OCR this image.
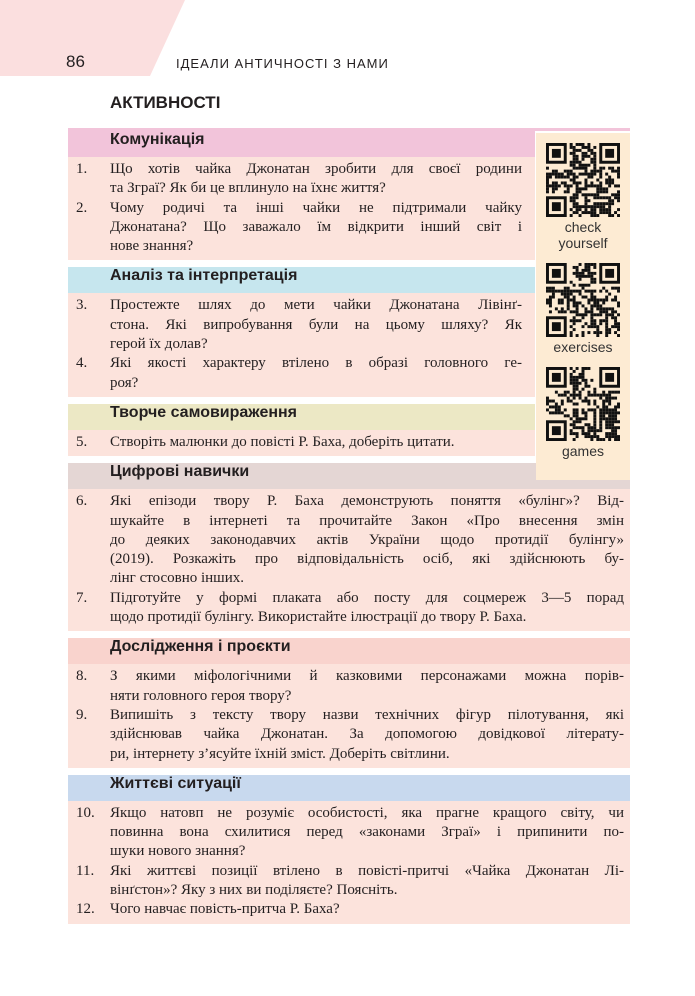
86	ІДЕАЛИ АНТИЧНОСТІ З НАМИ
АКТИВНОСТІ
Комунікація
1.	Що хотів чайка Джонатан зробити для своєї родини
та Зграї? Як би це вплинуло на їхнє життя?
2.	Чому родичі та інші чайки не підтримали чайку
Джонатана? Що заважало їм відкрити інший світ і
нове знання?
Аналіз та інтерпретація
3.	Простежте шлях до мети чайки Джонатана Лівінґ-
стона. Які випробування були на цьому шляху? Як
герой їх долав?
4.	Які якості характеру втілено в образі головного ге-
роя?
Творче самовираження
5.	Створіть малюнки до повісті Р. Баха, доберіть цитати.
Цифрові навички
6.	Які епізоди твору Р. Баха демонструють поняття «булінг»? Від-
шукайте в інтернеті та прочитайте Закон «Про внесення змін
до деяких законодавчих актів України щодо протидії булінгу»
(2019). Розкажіть про відповідальність осіб, які здійснюють бу-
лінг стосовно інших.
7.	Підготуйте у формі плаката або посту для соцмереж 3—5 порад
щодо протидії булінгу. Використайте ілюстрації до твору Р. Баха.
Дослідження і проєкти
8.	З якими міфологічними й казковими персонажами можна порів-
няти головного героя твору?
9.	Випишіть з тексту твору назви технічних фігур пілотування, які
здійснював чайка Джонатан. За допомогою довідкової літерату-
ри, інтернету з’ясуйте їхній зміст. Доберіть світлини.
Життєві ситуації
10.	Якщо натовп не розуміє особистості, яка прагне кращого світу, чи
повинна вона схилитися перед «законами Зграї» і припинити по-
шуки нового знання?
11.	Які життєві позиції втілено в повісті-притчі «Чайка Джонатан Лі-
вінґстон»? Яку з них ви поділяєте? Поясніть.
12.	Чого навчає повість-притча Р. Баха?
check yourself
exercises
games
